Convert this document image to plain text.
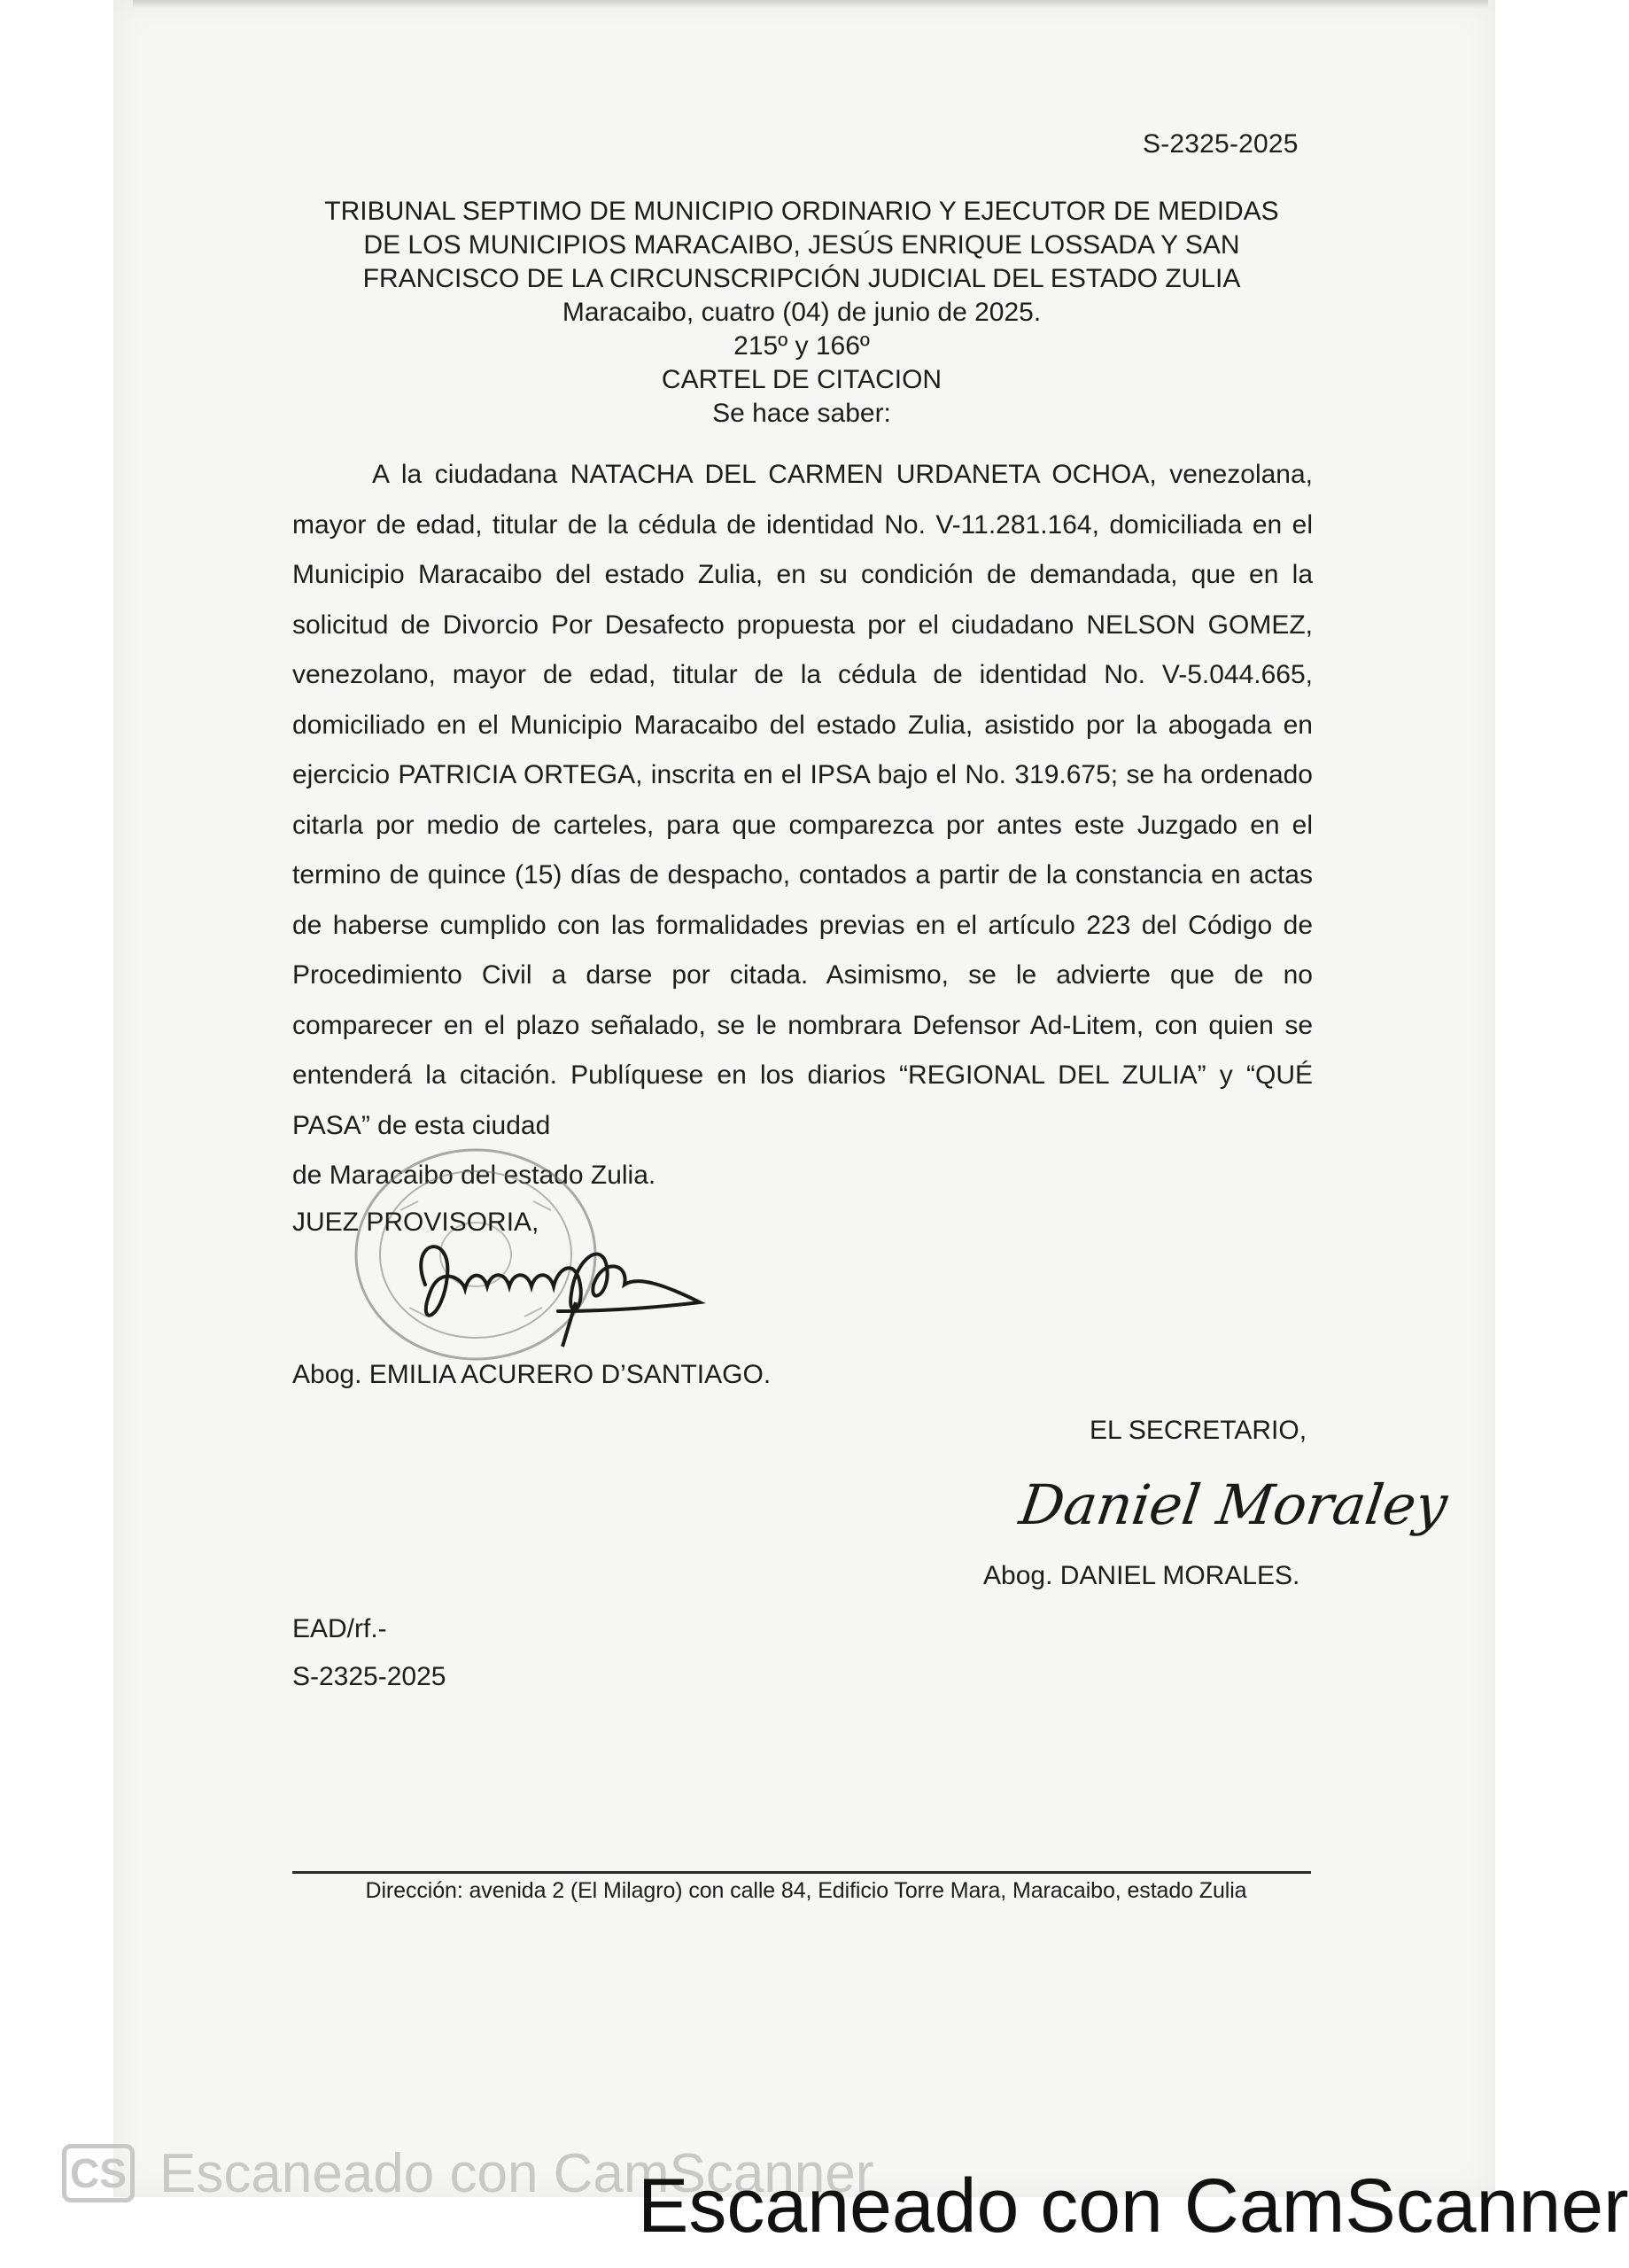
S-2325-2025
TRIBUNAL SEPTIMO DE MUNICIPIO ORDINARIO Y EJECUTOR DE MEDIDAS
DE LOS MUNICIPIOS MARACAIBO, JESÚS ENRIQUE LOSSADA Y SAN
FRANCISCO DE LA CIRCUNSCRIPCIÓN JUDICIAL DEL ESTADO ZULIA
Maracaibo, cuatro (04) de junio de 2025.
215º y 166º
CARTEL DE CITACION
Se hace saber:

A la ciudadana NATACHA DEL CARMEN URDANETA OCHOA, venezolana, mayor de edad, titular de la cédula de identidad No. V-11.281.164, domiciliada en el Municipio Maracaibo del estado Zulia, en su condición de demandada, que en la solicitud de Divorcio Por Desafecto propuesta por el ciudadano NELSON GOMEZ, venezolano, mayor de edad, titular de la cédula de identidad No. V-5.044.665, domiciliado en el Municipio Maracaibo del estado Zulia, asistido por la abogada en ejercicio PATRICIA ORTEGA, inscrita en el IPSA bajo el No. 319.675; se ha ordenado citarla por medio de carteles, para que comparezca por antes este Juzgado en el termino de quince (15) días de despacho, contados a partir de la constancia en actas de haberse cumplido con las formalidades previas en el artículo 223 del Código de Procedimiento Civil a darse por citada. Asimismo, se le advierte que de no comparecer en el plazo señalado, se le nombrara Defensor Ad-Litem, con quien se entenderá la citación. Publíquese en los diarios “REGIONAL DEL ZULIA” y “QUÉ PASA” de esta ciudad

de Maracaibo del estado Zulia.

JUEZ PROVISORIA,
Abog. EMILIA ACURERO D’SANTIAGO.
EL SECRETARIO,
Daniel Moraley
Abog. DANIEL MORALES.
EAD/rf.-
S-2325-2025
Dirección: avenida 2 (El Milagro) con calle 84, Edificio Torre Mara, Maracaibo, estado Zulia
CS Escaneado con CamScanner
Escaneado con CamScanner
